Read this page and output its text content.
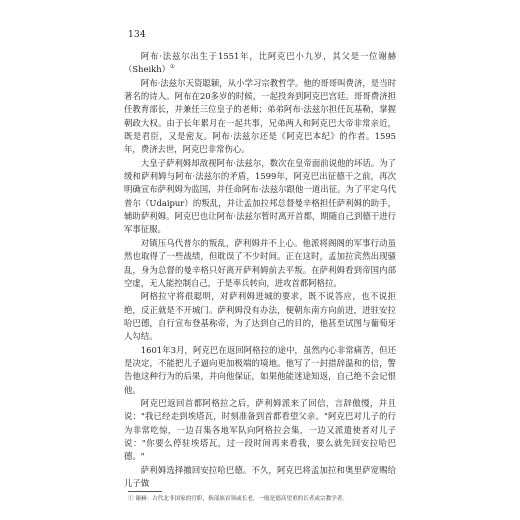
134

阿布·法兹尔出生于1551年，比阿克巴小九岁，其父是一位谢赫（Sheikh）①

阿布·法兹尔天资聪颖，从小学习宗教哲学。他的哥哥叫费济，是当时著名的诗人。阿布在20多岁的时候，一起投奔到阿克巴宫廷。哥哥费济担任教育部长，并兼任三位皇子的老师；弟弟阿布·法兹尔担任瓦基勒，掌握朝政大权。由于长年累月在一起共事，兄弟两人和阿克巴大帝非常亲近，既是君臣，又是密友。阿布·法兹尔还是《阿克巴本纪》的作者。1595年，费济去世，阿克巴非常伤心。

大皇子萨利姆却敌视阿布·法兹尔，数次在皇帝面前说他的坏话。为了缓和萨利姆与阿布·法兹尔的矛盾，1599年，阿克巴出征德干之前，再次明确宣布萨利姆为监国，并任命阿布·法兹尔跟他一道出征。为了平定乌代普尔（Udaipur）的叛乱，并让孟加拉邦总督曼辛格担任萨利姆的助手，辅助萨利姆。阿克巴也让阿布·法兹尔暂时离开首都，期随自己到德干进行军事征服。

对镇压乌代普尔的叛乱，萨利姆并不上心。他派将阁阁的军事行动虽然也取得了一些战绩，但耽误了不少时间。正在这时，孟加拉宾然出现骚乱，身为总督的曼辛格只好离开萨利姆前去平叛。在萨利姆看到帝国内部空虚，无人能控制自己，于是率兵转向，进攻首都阿格拉。

阿格拉守将很聪明，对萨利姆进城的要求，既不说答应，也不说拒绝，反正就是不开城门。萨利姆没有办法，便朝东南方向前进，进驻安拉哈巴德，自行宣布登基称帝，为了达到自己的目的，他甚至试图与葡萄牙人勾结。

1601年3月，阿克巴在返回阿格拉的途中，虽然内心非常痛苦，但还是决定，不能把儿子逼向更加极端的境地。他写了一封措辞温和的信，警告他这种行为的后果，并向他保证，如果他能迷途知返，自己绝不会记恨他。

阿克巴返回首都阿格拉之后，萨利姆派来了回信，言辞傲慢，并且说："我已经走到埃塔瓦，时刻准备到首都看望父亲。"阿克巴对儿子的行为非常吃惊，一边召集各地军队向阿格拉会集，一边又派遣使者对儿子说："你要么停驻埃塔瓦，过一段时间再来看我，要么就先回安拉哈巴德。"

萨利姆选择撤回安拉哈巴德。不久，阿克巴将孟加拉和奥里萨宽赐给儿子做

① 谢赫：古代北非国家的官职，指部族首领或长老，一般是德高望重的长者或宗教学者。
